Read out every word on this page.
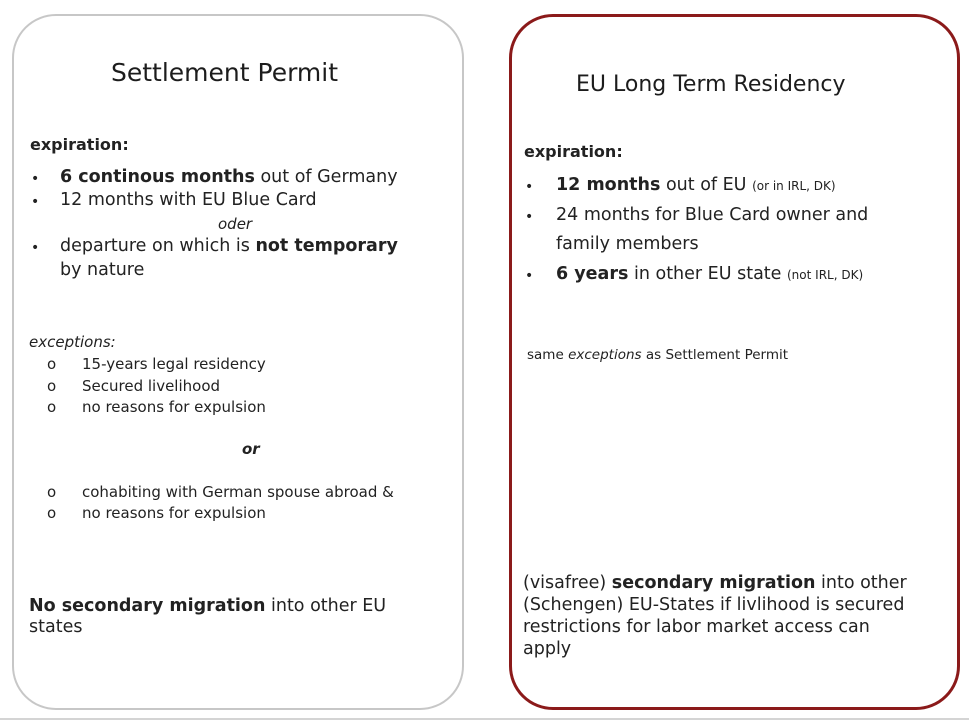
Settlement Permit
expiration:
• 6 continous months out of Germany
• 12 months with EU Blue Card
oder
• departure on which is not temporary
by nature
exceptions:
o 15-years legal residency
o Secured livelihood
o no reasons for expulsion
or
o cohabiting with German spouse abroad &
o no reasons for expulsion
No secondary migration into other EU
states
EU Long Term Residency
expiration:
• 12 months out of EU (or in IRL, DK)
• 24 months for Blue Card owner and
family members
• 6 years in other EU state (not IRL, DK)
same exceptions as Settlement Permit
(visafree) secondary migration into other
(Schengen) EU-States if livlihood is secured
restrictions for labor market access can
apply
